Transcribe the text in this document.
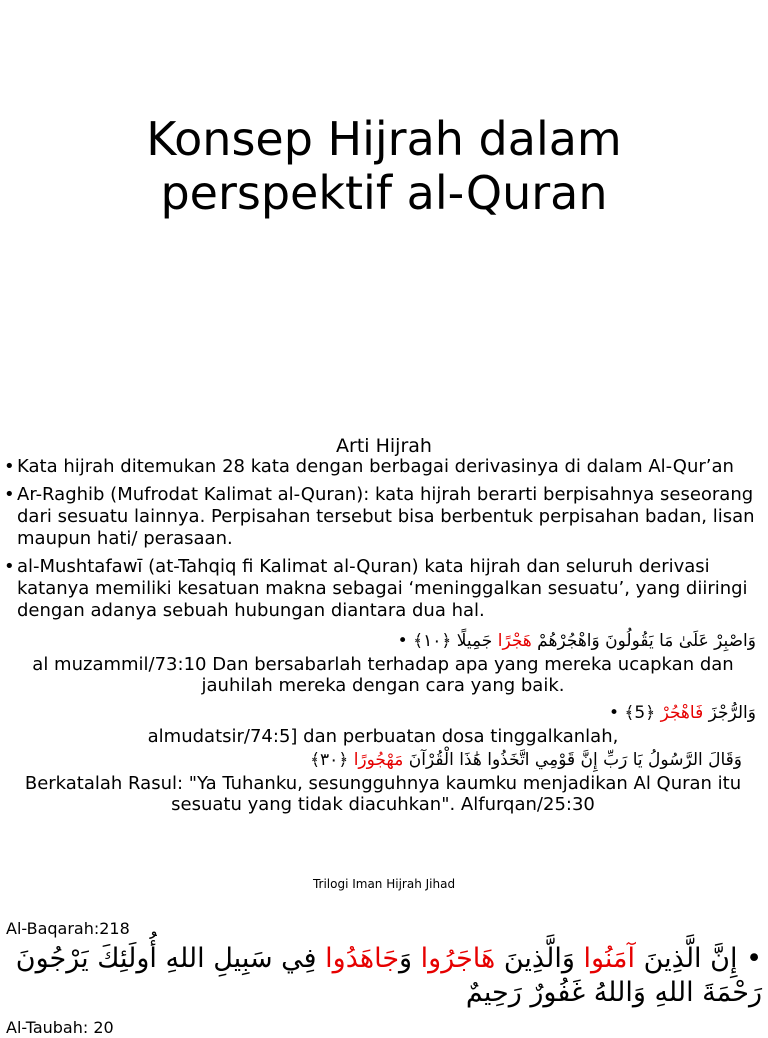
Konsep Hijrah dalam
perspektif al-Quran
Arti Hijrah
• Kata hijrah ditemukan 28 kata dengan berbagai derivasinya di dalam Al-Qur’an
• Ar-Raghib (Mufrodat Kalimat al-Quran): kata hijrah berarti berpisahnya seseorang dari sesuatu lainnya. Perpisahan tersebut bisa berbentuk perpisahan badan, lisan maupun hati/ perasaan.
• al-Mushtafawī (at-Tahqiq fi Kalimat al-Quran) kata hijrah dan seluruh derivasi katanya memiliki kesatuan makna sebagai ‘meninggalkan sesuatu’, yang diiringi dengan adanya sebuah hubungan diantara dua hal.
وَاصْبِرْ عَلَىٰ مَا يَقُولُونَ وَاهْجُرْهُمْ هَجْرًا جَمِيلًا ﴿١٠﴾ •
al muzammil/73:10 Dan bersabarlah terhadap apa yang mereka ucapkan dan jauhilah mereka dengan cara yang baik.
وَالرُّجْزَ فَاهْجُرْ ﴿5﴾ •
almudatsir/74:5] dan perbuatan dosa tinggalkanlah,
وَقَالَ الرَّسُولُ يَا رَبِّ إِنَّ قَوْمِي اتَّخَذُوا هَٰذَا الْقُرْآنَ مَهْجُورًا ﴿٣٠﴾
Berkatalah Rasul: "Ya Tuhanku, sesungguhnya kaumku menjadikan Al Quran itu sesuatu yang tidak diacuhkan". Alfurqan/25:30
Trilogi Iman Hijrah Jihad
Al-Baqarah:218
• إِنَّ الَّذِينَ آمَنُوا وَالَّذِينَ هَاجَرُوا وَجَاهَدُوا فِي سَبِيلِ اللهِ أُولَئِكَ يَرْجُونَ رَحْمَةَ اللهِ وَاللهُ غَفُورٌ رَحِيمٌ
Al-Taubah: 20
